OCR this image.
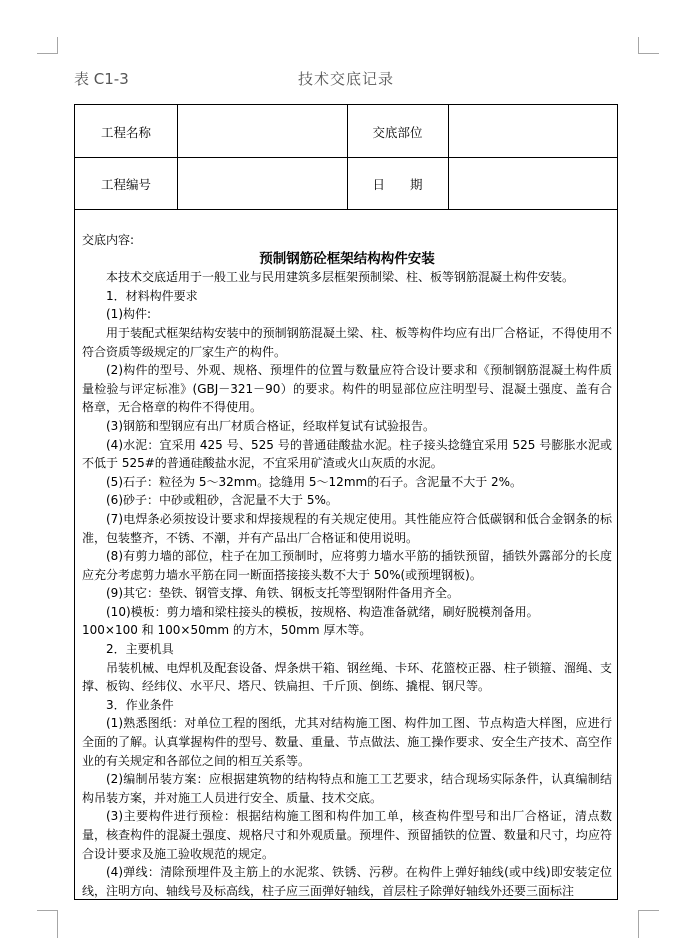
表 C1-3	技术交底记录
工程名称	交底部位
工程编号	日　　期

交底内容:

预制钢筋砼框架结构构件安装

本技术交底适用于一般工业与民用建筑多层框架预制梁、柱、板等钢筋混凝土构件安装。

1．材料构件要求

(1)构件:

用于装配式框架结构安装中的预制钢筋混凝土梁、柱、板等构件均应有出厂合格证，不得使用不符合资质等级规定的厂家生产的构件。

(2)构件的型号、外观、规格、预埋件的位置与数量应符合设计要求和《预制钢筋混凝土构件质量检验与评定标准》(GBJ－321－90）的要求。构件的明显部位应注明型号、混凝土强度、盖有合格章，无合格章的构件不得使用。

(3)钢筋和型钢应有出厂材质合格证，经取样复试有试验报告。

(4)水泥：宜采用 425 号、525 号的普通硅酸盐水泥。柱子接头捻缝宜采用 525 号膨胀水泥或不低于 525#的普通硅酸盐水泥，不宜采用矿渣或火山灰质的水泥。

(5)石子：粒径为 5～32mm。捻缝用 5～12mm的石子。含泥量不大于 2%。

(6)砂子：中砂或粗砂，含泥量不大于 5%。

(7)电焊条必须按设计要求和焊接规程的有关规定使用。其性能应符合低碳钢和低合金钢条的标准，包装整齐，不锈、不潮，并有产品出厂合格证和使用说明。

(8)有剪力墙的部位，柱子在加工预制时，应将剪力墙水平筋的插铁预留，插铁外露部分的长度应充分考虑剪力墙水平筋在同一断面搭接接头数不大于 50%(或预埋钢板)。

(9)其它：垫铁、钢管支撑、角铁、钢板支托等型钢附件备用齐全。

(10)模板：剪力墙和梁柱接头的模板，按规格、构造准备就绪，刷好脱模剂备用。

100×100 和 100×50mm 的方木，50mm 厚木等。

2．主要机具

吊装机械、电焊机及配套设备、焊条烘干箱、钢丝绳、卡环、花篮校正器、柱子锁箍、溜绳、支撑、板钩、经纬仪、水平尺、塔尺、铁扁担、千斤顶、倒练、撬棍、钢尺等。

3．作业条件

(1)熟悉图纸：对单位工程的图纸，尤其对结构施工图、构件加工图、节点构造大样图，应进行全面的了解。认真掌握构件的型号、数量、重量、节点做法、施工操作要求、安全生产技术、高空作业的有关规定和各部位之间的相互关系等。

(2)编制吊装方案：应根据建筑物的结构特点和施工工艺要求，结合现场实际条件，认真编制结构吊装方案，并对施工人员进行安全、质量、技术交底。

(3)主要构件进行预检：根据结构施工图和构件加工单，核查构件型号和出厂合格证，清点数量，核查构件的混凝土强度、规格尺寸和外观质量。预埋件、预留插铁的位置、数量和尺寸，均应符合设计要求及施工验收规范的规定。

(4)弹线：清除预埋件及主筋上的水泥浆、铁锈、污秽。在构件上弹好轴线(或中线)即安装定位线，注明方向、轴线号及标高线，柱子应三面弹好轴线，首层柱子除弹好轴线外还要三面标注
